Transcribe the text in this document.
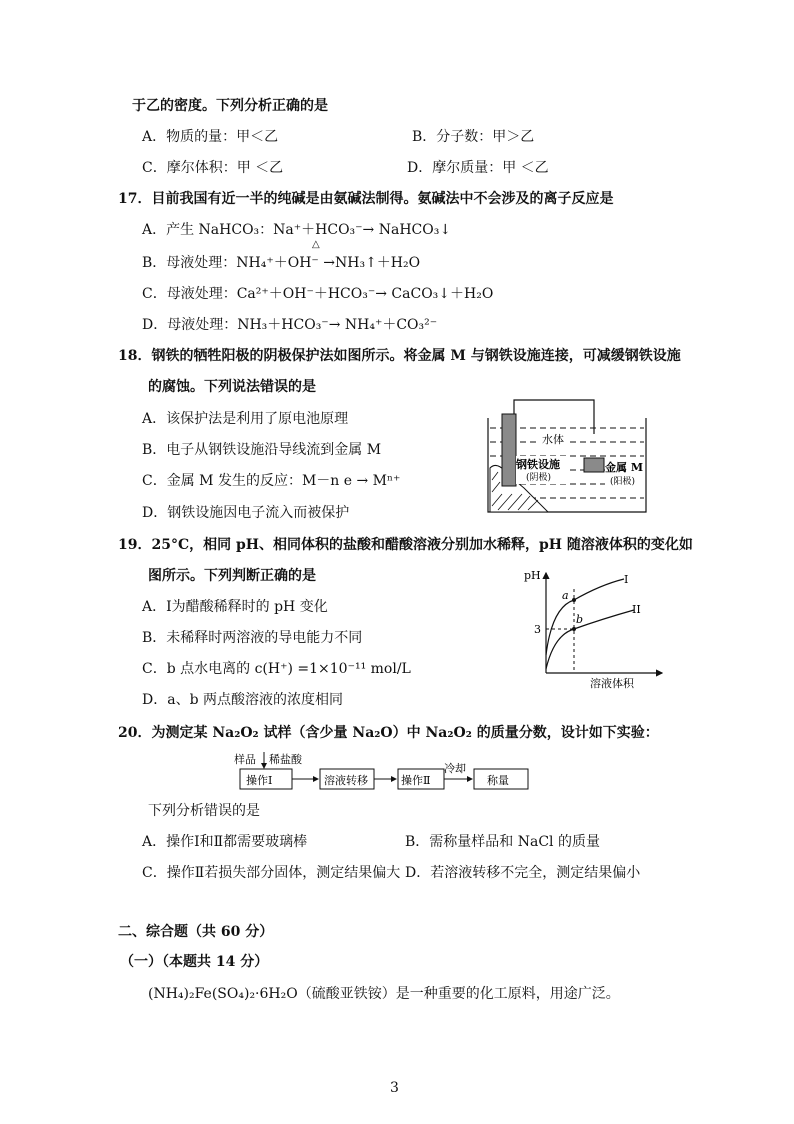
于乙的密度。下列分析正确的是
A．物质的量：甲＜乙	B．分子数：甲＞乙
C．摩尔体积：甲 ＜乙	D．摩尔质量：甲 ＜乙
17．目前我国有近一半的纯碱是由氨碱法制得。氨碱法中不会涉及的离子反应是
A．产生 NaHCO₃：Na⁺＋HCO₃⁻→ NaHCO₃↓
B．母液处理：NH₄⁺＋OH⁻ →NH₃↑＋H₂O
△
C．母液处理：Ca²⁺＋OH⁻＋HCO₃⁻→ CaCO₃↓＋H₂O
D．母液处理：NH₃＋HCO₃⁻→ NH₄⁺＋CO₃²⁻
18．钢铁的牺牲阳极的阴极保护法如图所示。将金属 M 与钢铁设施连接，可减缓钢铁设施
的腐蚀。下列说法错误的是
A．该保护法是利用了原电池原理
B．电子从钢铁设施沿导线流到金属 M
C．金属 M 发生的反应：M－n e → Mⁿ⁺
D．钢铁设施因电子流入而被保护
水体
钢铁设施
(阴极)
金属 M
(阳极)
19．25°C，相同 pH、相同体积的盐酸和醋酸溶液分别加水稀释，pH 随溶液体积的变化如
图所示。下列判断正确的是
A．Ⅰ为醋酸稀释时的 pH 变化
B．未稀释时两溶液的导电能力不同
C．b 点水电离的 c(H⁺) =1×10⁻¹¹ mol/L
D．a、b 两点酸溶液的浓度相同
pH
溶液体积
3
a
b
I
II
20．为测定某 Na₂O₂ 试样（含少量 Na₂O）中 Na₂O₂ 的质量分数，设计如下实验：
样品 稀盐酸
操作Ⅰ	溶液转移	操作Ⅱ
冷却
称量
下列分析错误的是
A．操作Ⅰ和Ⅱ都需要玻璃棒	B．需称量样品和 NaCl 的质量
C．操作Ⅱ若损失部分固体，测定结果偏大 D．若溶液转移不完全，测定结果偏小
二、综合题（共 60 分）
（一）（本题共 14 分）
(NH₄)₂Fe(SO₄)₂·6H₂O（硫酸亚铁铵）是一种重要的化工原料，用途广泛。
3
